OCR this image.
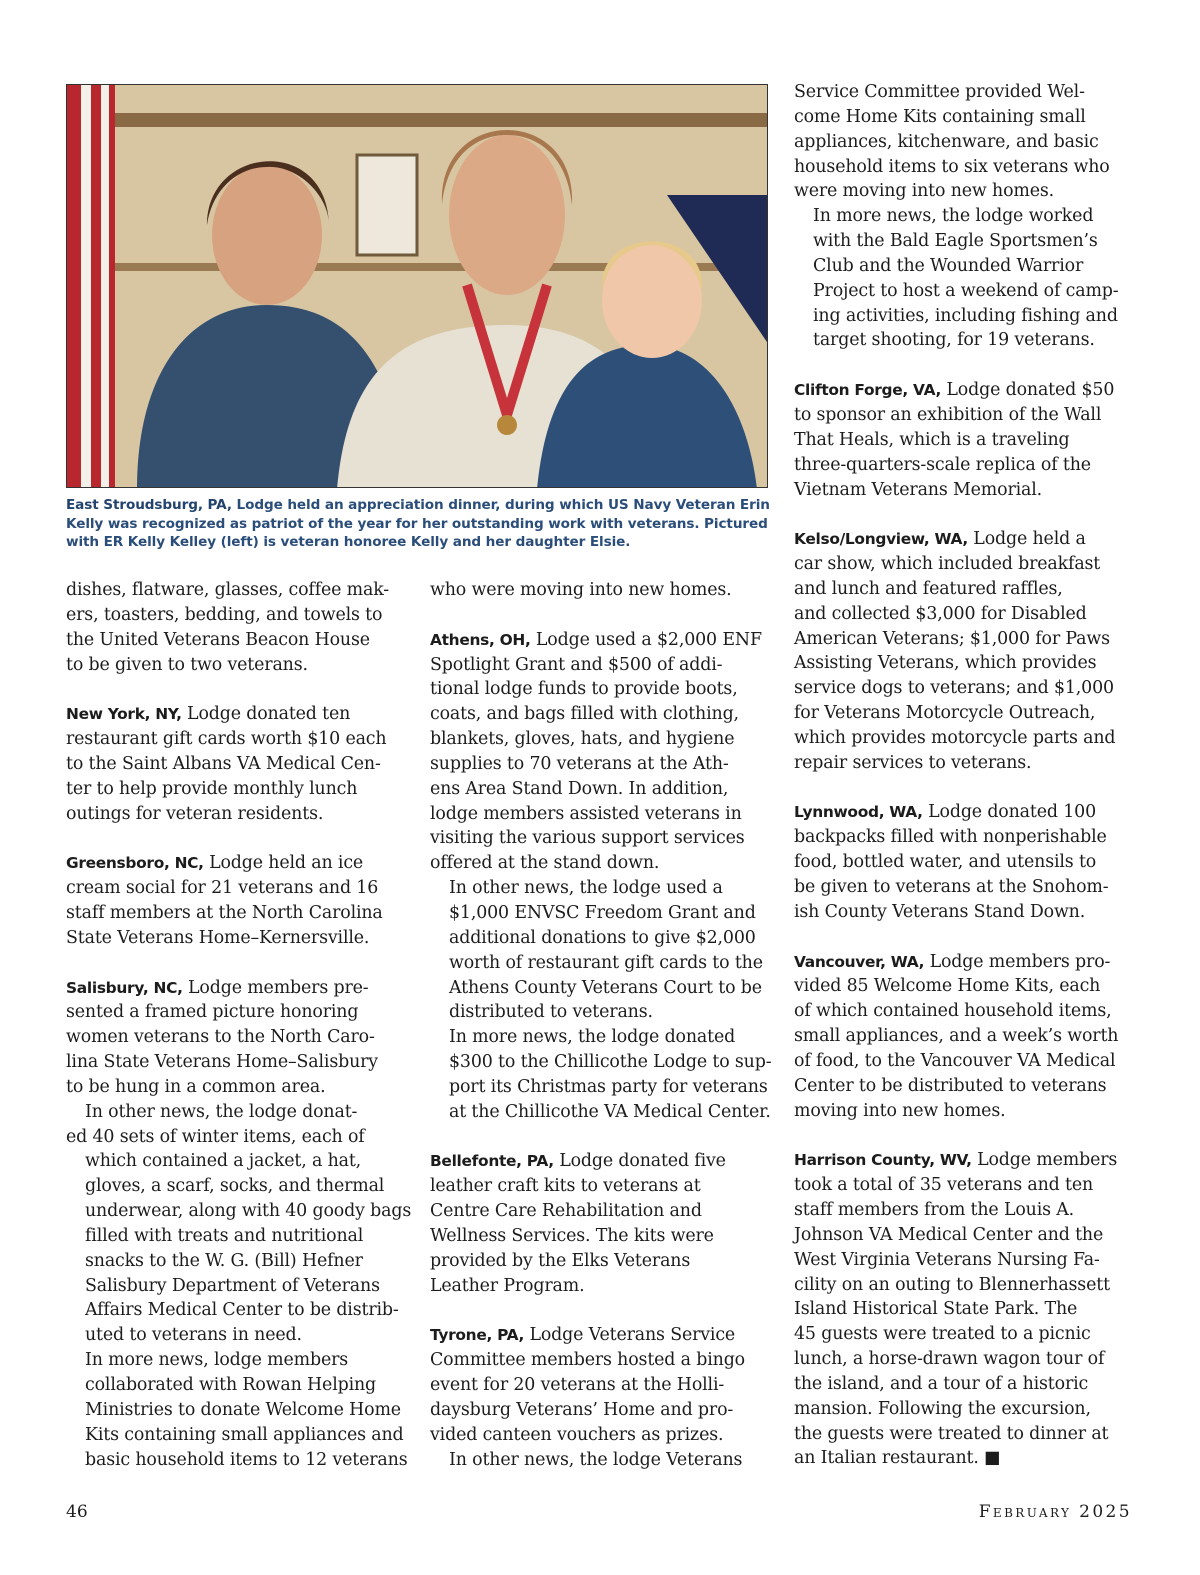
East Stroudsburg, PA, Lodge held an appreciation dinner, during which US Navy Veteran Erin Kelly was recognized as patriot of the year for her outstanding work with veterans. Pictured with ER Kelly Kelley (left) is veteran honoree Kelly and her daughter Elsie.

dishes, flatware, glasses, coffee mak-
ers, toasters, bedding, and towels to
the United Veterans Beacon House
to be given to two veterans.

New York, NY, Lodge donated ten
restaurant gift cards worth $10 each
to the Saint Albans VA Medical Cen-
ter to help provide monthly lunch
outings for veteran residents.

Greensboro, NC, Lodge held an ice
cream social for 21 veterans and 16
staff members at the North Carolina
State Veterans Home–Kernersville.

Salisbury, NC, Lodge members pre-
sented a framed picture honoring
women veterans to the North Caro-
lina State Veterans Home–Salisbury
to be hung in a common area.

In other news, the lodge donat-
ed 40 sets of winter items, each of
which contained a jacket, a hat,
gloves, a scarf, socks, and thermal
underwear, along with 40 goody bags
filled with treats and nutritional
snacks to the W. G. (Bill) Hefner
Salisbury Department of Veterans
Affairs Medical Center to be distrib-
uted to veterans in need.

In more news, lodge members
collaborated with Rowan Helping
Ministries to donate Welcome Home
Kits containing small appliances and
basic household items to 12 veterans

who were moving into new homes.

Athens, OH, Lodge used a $2,000 ENF
Spotlight Grant and $500 of addi-
tional lodge funds to provide boots,
coats, and bags filled with clothing,
blankets, gloves, hats, and hygiene
supplies to 70 veterans at the Ath-
ens Area Stand Down. In addition,
lodge members assisted veterans in
visiting the various support services
offered at the stand down.

In other news, the lodge used a
$1,000 ENVSC Freedom Grant and
additional donations to give $2,000
worth of restaurant gift cards to the
Athens County Veterans Court to be
distributed to veterans.

In more news, the lodge donated
$300 to the Chillicothe Lodge to sup-
port its Christmas party for veterans
at the Chillicothe VA Medical Center.

Bellefonte, PA, Lodge donated five
leather craft kits to veterans at
Centre Care Rehabilitation and
Wellness Services. The kits were
provided by the Elks Veterans
Leather Program.

Tyrone, PA, Lodge Veterans Service
Committee members hosted a bingo
event for 20 veterans at the Holli-
daysburg Veterans’ Home and pro-
vided canteen vouchers as prizes.

In other news, the lodge Veterans

Service Committee provided Wel-
come Home Kits containing small
appliances, kitchenware, and basic
household items to six veterans who
were moving into new homes.

In more news, the lodge worked
with the Bald Eagle Sportsmen’s
Club and the Wounded Warrior
Project to host a weekend of camp-
ing activities, including fishing and
target shooting, for 19 veterans.

Clifton Forge, VA, Lodge donated $50
to sponsor an exhibition of the Wall
That Heals, which is a traveling
three-quarters-scale replica of the
Vietnam Veterans Memorial.

Kelso/Longview, WA, Lodge held a
car show, which included breakfast
and lunch and featured raffles,
and collected $3,000 for Disabled
American Veterans; $1,000 for Paws
Assisting Veterans, which provides
service dogs to veterans; and $1,000
for Veterans Motorcycle Outreach,
which provides motorcycle parts and
repair services to veterans.

Lynnwood, WA, Lodge donated 100
backpacks filled with nonperishable
food, bottled water, and utensils to
be given to veterans at the Snohom-
ish County Veterans Stand Down.

Vancouver, WA, Lodge members pro-
vided 85 Welcome Home Kits, each
of which contained household items,
small appliances, and a week’s worth
of food, to the Vancouver VA Medical
Center to be distributed to veterans
moving into new homes.

Harrison County, WV, Lodge members
took a total of 35 veterans and ten
staff members from the Louis A.
Johnson VA Medical Center and the
West Virginia Veterans Nursing Fa-
cility on an outing to Blennerhassett
Island Historical State Park. The
45 guests were treated to a picnic
lunch, a horse-drawn wagon tour of
the island, and a tour of a historic
mansion. Following the excursion,
the guests were treated to dinner at
an Italian restaurant. ■

46	February 2025
